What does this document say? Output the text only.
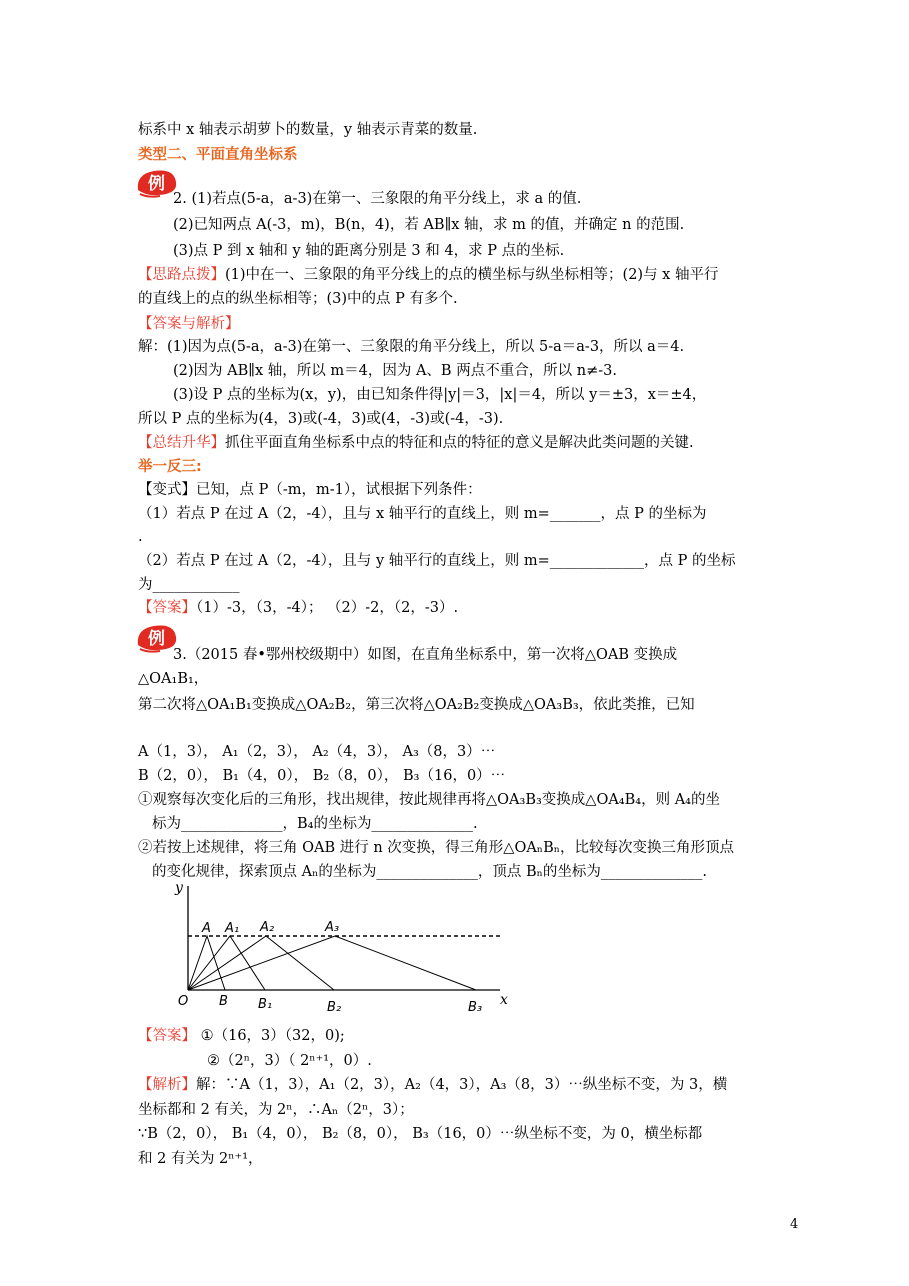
标系中 x 轴表示胡萝卜的数量，y 轴表示青菜的数量.
类型二、平面直角坐标系
例
2. (1)若点(5-a，a-3)在第一、三象限的角平分线上，求 a 的值.
(2)已知两点 A(-3，m)，B(n，4)，若 AB∥x 轴，求 m 的值，并确定 n 的范围.
(3)点 P 到 x 轴和 y 轴的距离分别是 3 和 4，求 P 点的坐标.
【思路点拨】(1)中在一、三象限的角平分线上的点的横坐标与纵坐标相等；(2)与 x 轴平行
的直线上的点的纵坐标相等；(3)中的点 P 有多个.
【答案与解析】
解：(1)因为点(5-a，a-3)在第一、三象限的角平分线上，所以 5-a＝a-3，所以 a＝4.
(2)因为 AB∥x 轴，所以 m＝4，因为 A、B 两点不重合，所以 n≠-3.
(3)设 P 点的坐标为(x，y)，由已知条件得|y|＝3，|x|＝4，所以 y＝±3，x＝±4，
所以 P 点的坐标为(4，3)或(-4，3)或(4，-3)或(-4，-3).
【总结升华】抓住平面直角坐标系中点的特征和点的特征的意义是解决此类问题的关键.
举一反三:
【变式】已知，点 P（-m，m-1），试根据下列条件：
（1）若点 P 在过 A（2，-4），且与 x 轴平行的直线上，则 m=_______，点 P 的坐标为
.
（2）若点 P 在过 A（2，-4），且与 y 轴平行的直线上，则 m=_____________，点 P 的坐标
为____________
【答案】（1）-3，（3，-4）； （2）-2，（2，-3）.
例
3.（2015 春•鄂州校级期中）如图，在直角坐标系中，第一次将△OAB 变换成
△OA₁B₁，
第二次将△OA₁B₁变换成△OA₂B₂，第三次将△OA₂B₂变换成△OA₃B₃，依此类推，已知
A（1，3）， A₁（2，3）， A₂（4，3）， A₃（8，3）⋯
B（2，0）， B₁（4，0）， B₂（8，0）， B₃（16，0）⋯
①观察每次变化后的三角形，找出规律，按此规律再将△OA₃B₃变换成△OA₄B₄，则 A₄的坐
标为______________，B₄的坐标为______________.
②若按上述规律，将三角 OAB 进行 n 次变换，得三角形△OAₙBₙ，比较每次变换三角形顶点
的变化规律，探索顶点 Aₙ的坐标为______________，顶点 Bₙ的坐标为______________.
y
A A₁ A₂	A₃
O B B₁	B₂	B₃ x
【答案】 ①（16，3）（32，0);
②（2ⁿ，3）（ 2ⁿ⁺¹，0）.
【解析】解：∵A（1，3），A₁（2，3），A₂（4，3），A₃（8，3）⋯纵坐标不变，为 3，横
坐标都和 2 有关，为 2ⁿ，∴Aₙ（2ⁿ，3）；
∵B（2，0）， B₁（4，0）， B₂（8，0）， B₃（16，0）⋯纵坐标不变，为 0，横坐标都
和 2 有关为 2ⁿ⁺¹，
4
